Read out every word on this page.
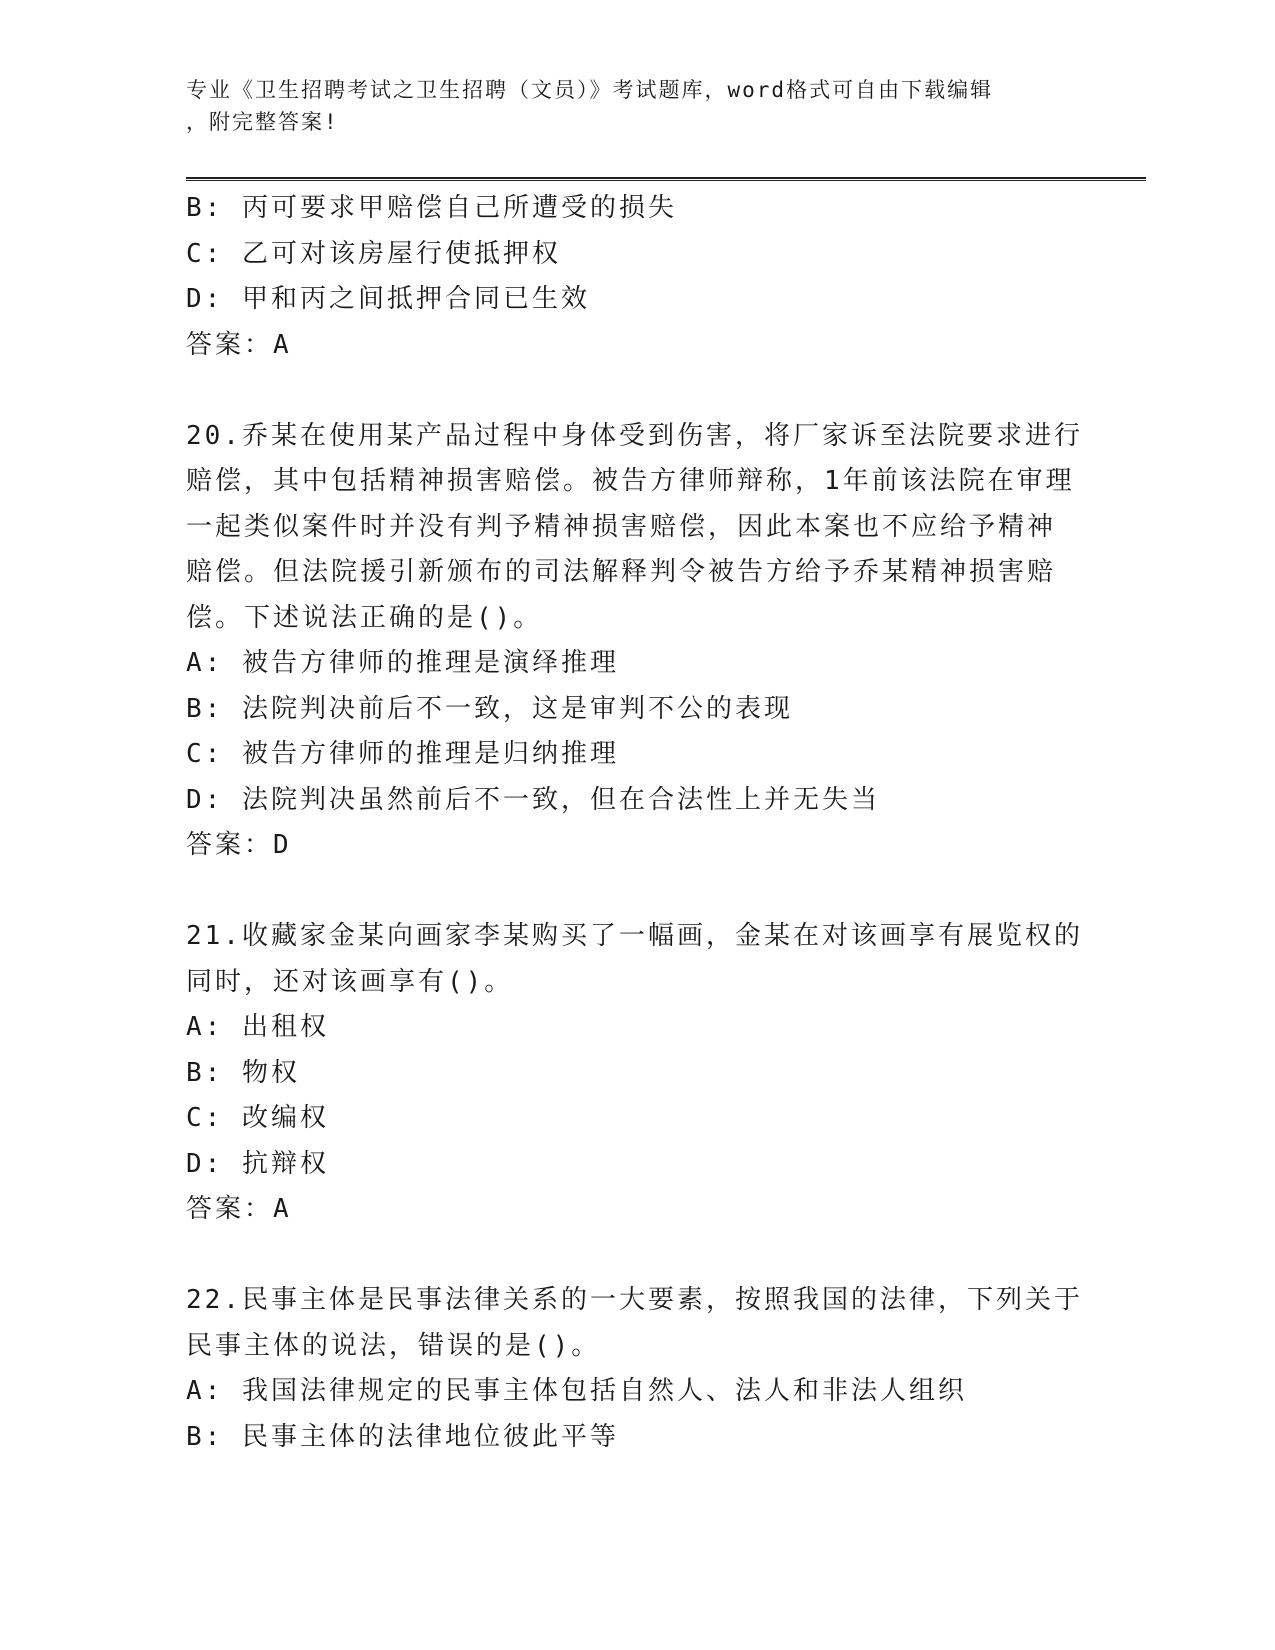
专业《卫生招聘考试之卫生招聘（文员）》考试题库，word格式可自由下载编辑
，附完整答案!
B: 丙可要求甲赔偿自己所遭受的损失
C: 乙可对该房屋行使抵押权
D: 甲和丙之间抵押合同已生效
答案：A
20.乔某在使用某产品过程中身体受到伤害，将厂家诉至法院要求进行
赔偿，其中包括精神损害赔偿。被告方律师辩称，1年前该法院在审理
一起类似案件时并没有判予精神损害赔偿，因此本案也不应给予精神
赔偿。但法院援引新颁布的司法解释判令被告方给予乔某精神损害赔
偿。下述说法正确的是()。
A: 被告方律师的推理是演绎推理
B: 法院判决前后不一致，这是审判不公的表现
C: 被告方律师的推理是归纳推理
D: 法院判决虽然前后不一致，但在合法性上并无失当
答案：D
21.收藏家金某向画家李某购买了一幅画，金某在对该画享有展览权的
同时，还对该画享有()。
A: 出租权
B: 物权
C: 改编权
D: 抗辩权
答案：A
22.民事主体是民事法律关系的一大要素，按照我国的法律，下列关于
民事主体的说法，错误的是()。
A: 我国法律规定的民事主体包括自然人、法人和非法人组织
B: 民事主体的法律地位彼此平等
